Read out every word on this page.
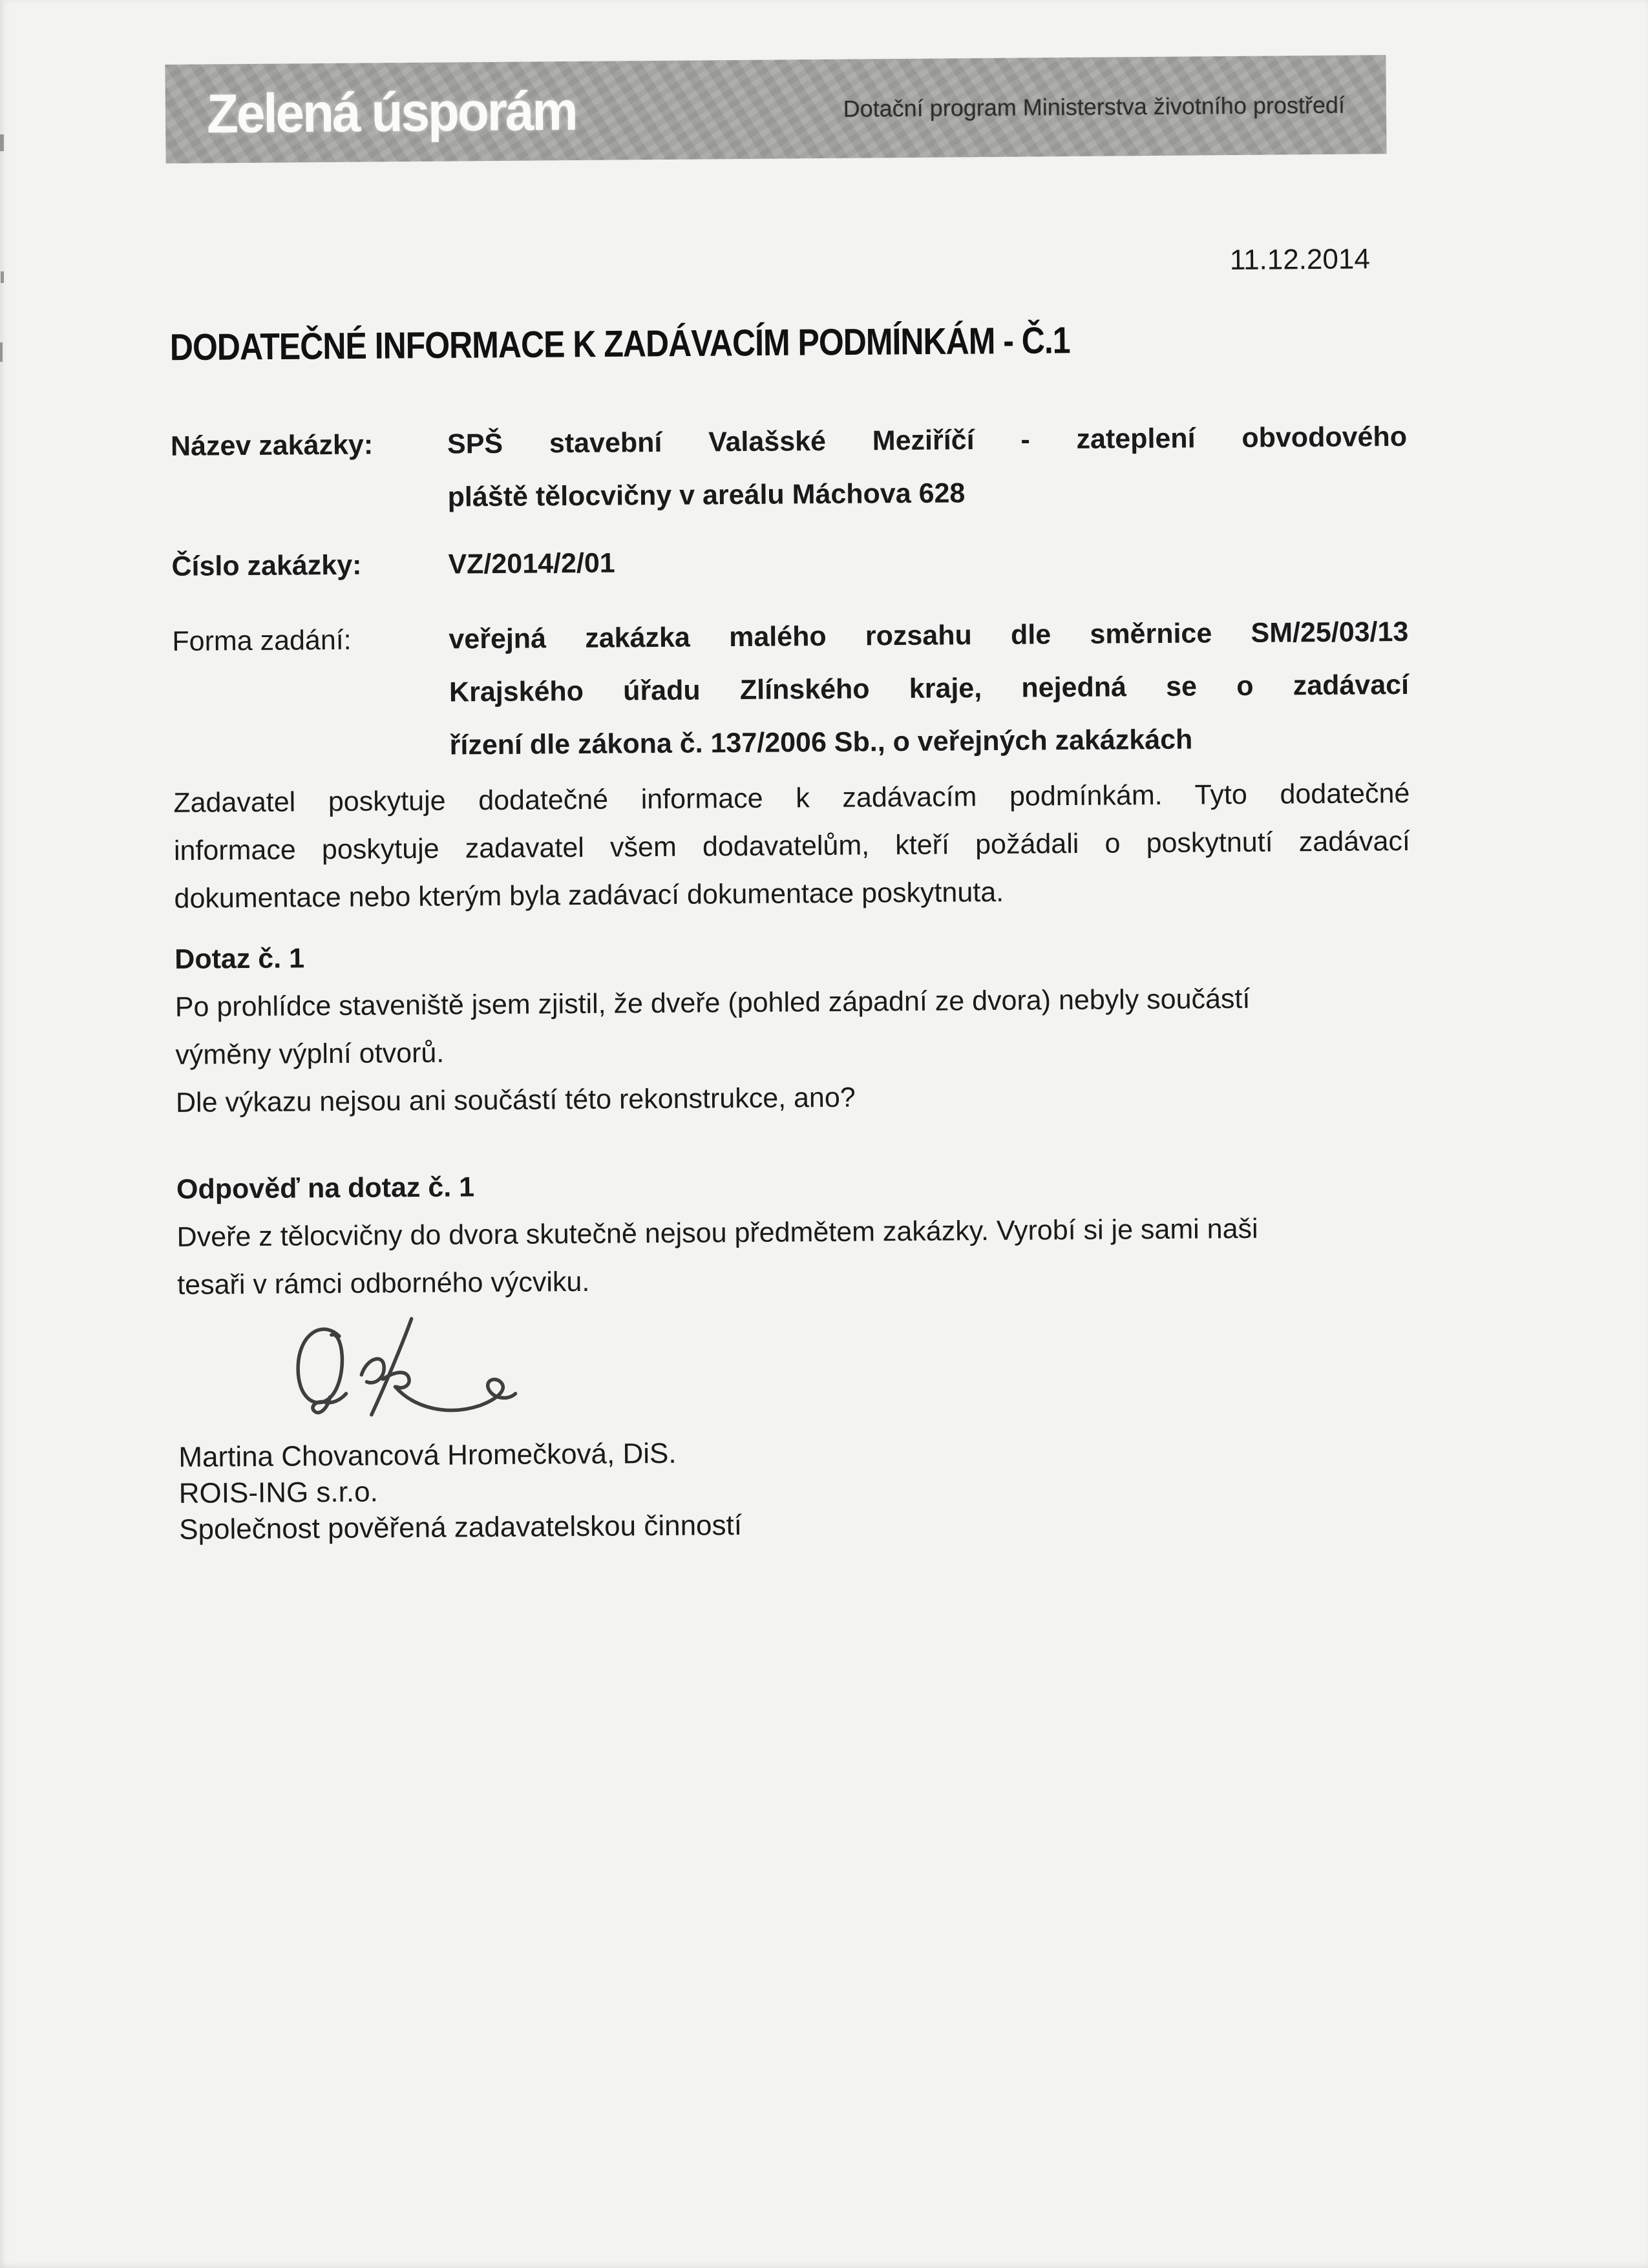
Zelená úsporám	Dotační program Ministerstva životního prostředí
11.12.2014
DODATEČNÉ INFORMACE K ZADÁVACÍM PODMÍNKÁM - Č.1
Název zakázky:	SPŠ stavební Valašské Meziříčí - zateplení obvodového
pláště tělocvičny v areálu Máchova 628
Číslo zakázky:	VZ/2014/2/01
Forma zadání:	veřejná zakázka malého rozsahu dle směrnice SM/25/03/13
Krajského úřadu Zlínského kraje, nejedná se o zadávací
řízení dle zákona č. 137/2006 Sb., o veřejných zakázkách
Zadavatel poskytuje dodatečné informace k zadávacím podmínkám. Tyto dodatečné
informace poskytuje zadavatel všem dodavatelům, kteří požádali o poskytnutí zadávací
dokumentace nebo kterým byla zadávací dokumentace poskytnuta.
Dotaz č. 1
Po prohlídce staveniště jsem zjistil, že dveře (pohled západní ze dvora) nebyly součástí
výměny výplní otvorů.
Dle výkazu nejsou ani součástí této rekonstrukce, ano?
Odpověď na dotaz č. 1
Dveře z tělocvičny do dvora skutečně nejsou předmětem zakázky. Vyrobí si je sami naši
tesaři v rámci odborného výcviku.
Martina Chovancová Hromečková, DiS.
ROIS-ING s.r.o.
Společnost pověřená zadavatelskou činností
